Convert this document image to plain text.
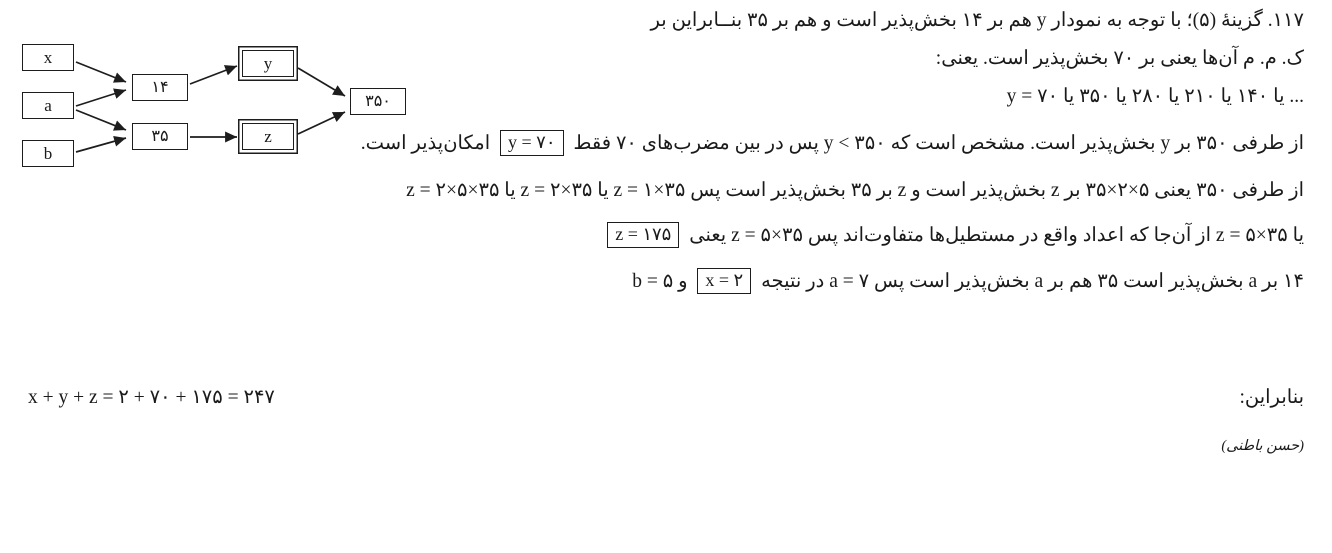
x
a
b
۱۴
۳۵
y
z
۳۵۰
۱۱۷. گزینۀ (۵)؛ با توجه به نمودار y هم بر ۱۴ بخش‌پذیر است و هم بر ۳۵ بنــابراین بر
ک. م. م آن‌ها یعنی بر ۷۰ بخش‌پذیر است. یعنی:
y = ۷۰ یا ۱۴۰ یا ۲۱۰ یا ۲۸۰ یا ۳۵۰ یا ...
از طرفی ۳۵۰ بر y بخش‌پذیر است. مشخص است که ۳۵۰ > y پس در بین مضرب‌های ۷۰ فقط y = ۷۰ امکان‌پذیر است.
از طرفی ۳۵۰ یعنی ۵×۲×۳۵ بر z بخش‌پذیر است و z بر ۳۵ بخش‌پذیر است پس ۳۵×۱ = z یا ۳۵×۲ = z یا ۳۵×۵×۲ = z
یا ۳۵×۵ = z از آن‌جا که اعداد واقع در مستطیل‌ها متفاوت‌اند پس ۳۵×۵ = z یعنی z = ۱۷۵
۱۴ بر a بخش‌پذیر است ۳۵ هم بر a بخش‌پذیر است پس ۷ = a در نتیجه x = ۲ و ۵ = b
بنابراین:
x + y + z = ۲ + ۷۰ + ۱۷۵ = ۲۴۷
(حسن باطنی)
